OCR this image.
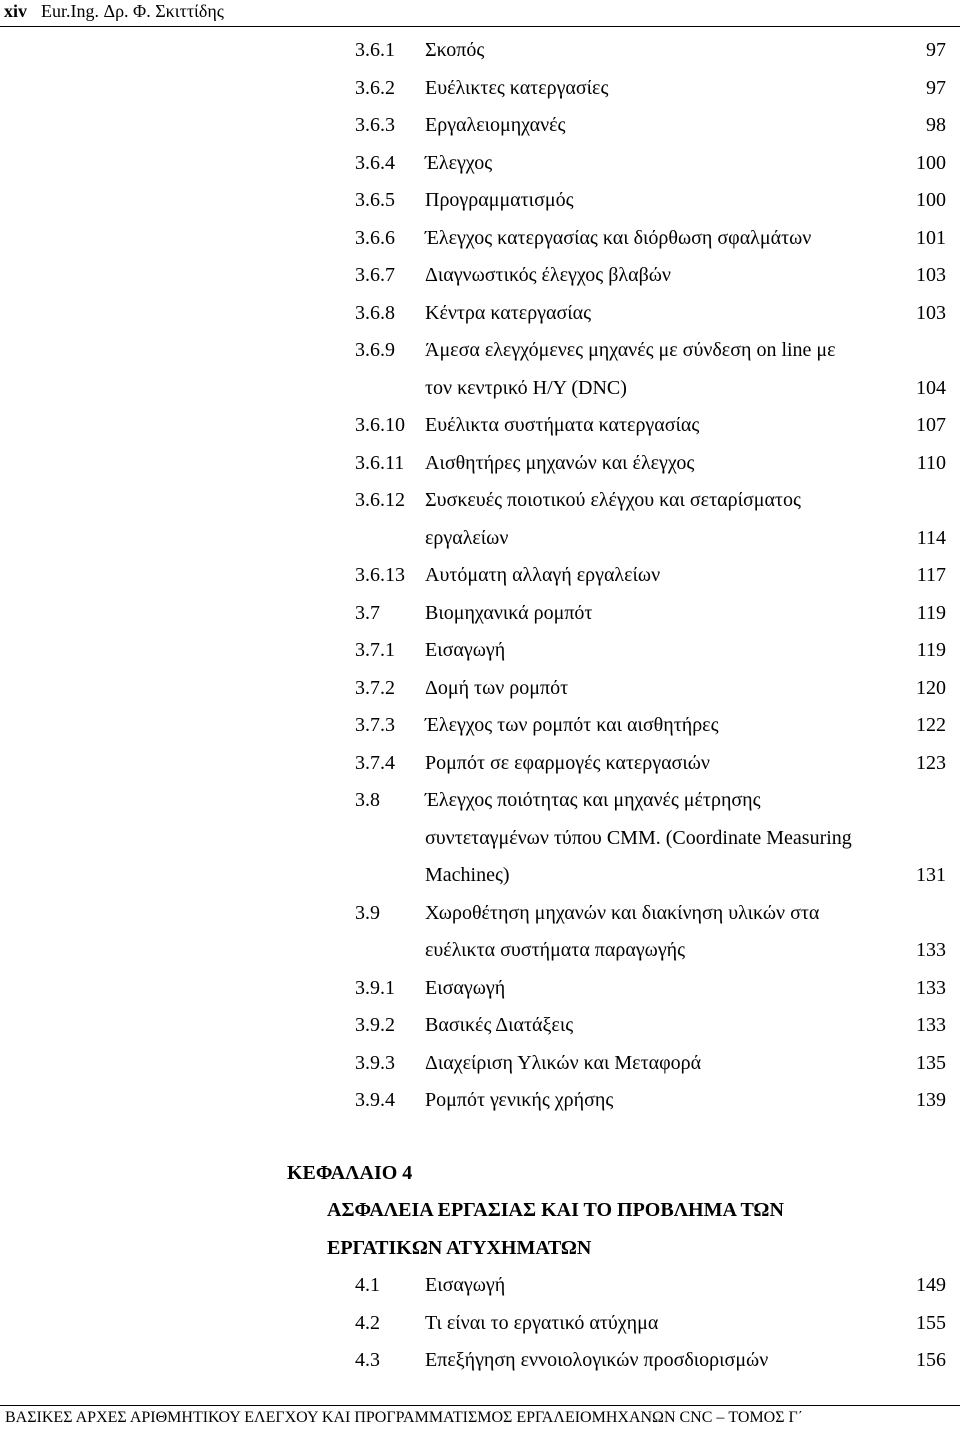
xiv Eur.Ing. Δρ. Φ. Σκιττίδης
3.6.1 Σκοπός	97
3.6.2 Ευέλικτες κατεργασίες	97
3.6.3 Εργαλειομηχανές	98
3.6.4 Έλεγχος	100
3.6.5 Προγραμματισμός	100
3.6.6 Έλεγχος κατεργασίας και διόρθωση σφαλμάτων	101
3.6.7 Διαγνωστικός έλεγχος βλαβών	103
3.6.8 Κέντρα κατεργασίας	103
3.6.9 Άμεσα ελεγχόμενες μηχανές με σύνδεση on line με
τον κεντρικό Η/Υ (DNC)	104
3.6.10 Ευέλικτα συστήματα κατεργασίας	107
3.6.11 Αισθητήρες μηχανών και έλεγχος	110
3.6.12 Συσκευές ποιοτικού ελέγχου και σεταρίσματος
εργαλείων	114
3.6.13 Αυτόματη αλλαγή εργαλείων	117
3.7 Βιομηχανικά ρομπότ	119
3.7.1 Εισαγωγή	119
3.7.2 Δομή των ρομπότ	120
3.7.3 Έλεγχος των ρομπότ και αισθητήρες	122
3.7.4 Ρομπότ σε εφαρμογές κατεργασιών	123
3.8 Έλεγχος ποιότητας και μηχανές μέτρησης
συντεταγμένων τύπου CMM. (Coordinate Measuring
Machineς)	131
3.9 Χωροθέτηση μηχανών και διακίνηση υλικών στα
ευέλικτα συστήματα παραγωγής	133
3.9.1 Εισαγωγή	133
3.9.2 Βασικές Διατάξεις	133
3.9.3 Διαχείριση Υλικών και Μεταφορά	135
3.9.4 Ρομπότ γενικής χρήσης	139
ΚΕΦΑΛΑΙΟ 4
ΑΣΦΑΛΕΙΑ ΕΡΓΑΣΙΑΣ ΚΑΙ ΤΟ ΠΡΟΒΛΗΜΑ ΤΩΝ
ΕΡΓΑΤΙΚΩΝ ΑΤΥΧΗΜΑΤΩΝ
4.1 Εισαγωγή	149
4.2 Τι είναι το εργατικό ατύχημα	155
4.3 Επεξήγηση εννοιολογικών προσδιορισμών	156
ΒΑΣΙΚΕΣ ΑΡΧΕΣ ΑΡΙΘΜΗΤΙΚΟΥ ΕΛΕΓΧΟΥ ΚΑΙ ΠΡΟΓΡΑΜΜΑΤΙΣΜΟΣ ΕΡΓΑΛΕΙΟΜΗΧΑΝΩΝ CNC – ΤΟΜΟΣ Γ΄
